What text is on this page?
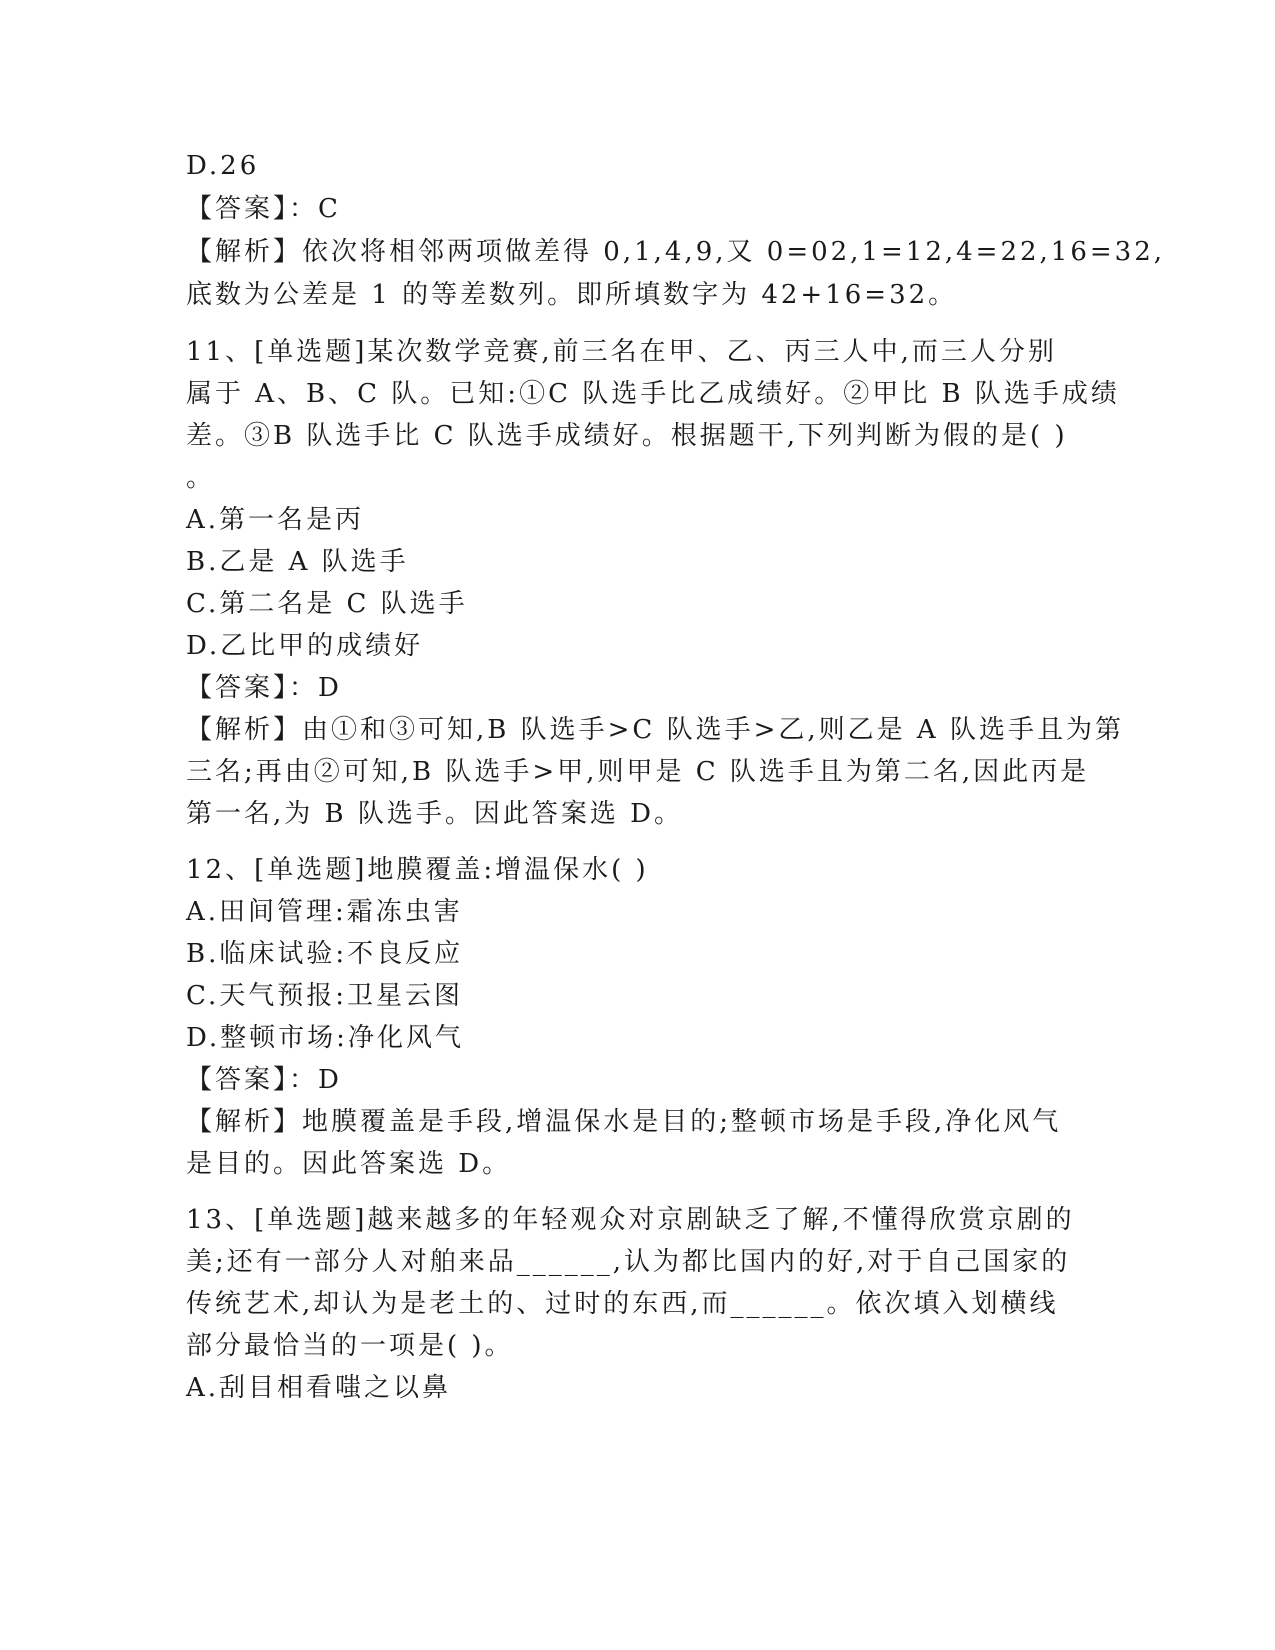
D.26
【答案】：C
【解析】依次将相邻两项做差得 0,1,4,9,又 0=02,1=12,4=22,16=32,
底数为公差是 1 的等差数列。即所填数字为 42+16=32。
11、[单选题]某次数学竞赛,前三名在甲、乙、丙三人中,而三人分别
属于 A、B、C 队。已知:①C 队选手比乙成绩好。②甲比 B 队选手成绩
差。③B 队选手比 C 队选手成绩好。根据题干,下列判断为假的是( )
。
A.第一名是丙
B.乙是 A 队选手
C.第二名是 C 队选手
D.乙比甲的成绩好
【答案】：D
【解析】由①和③可知,B 队选手>C 队选手>乙,则乙是 A 队选手且为第
三名;再由②可知,B 队选手>甲,则甲是 C 队选手且为第二名,因此丙是
第一名,为 B 队选手。因此答案选 D。
12、[单选题]地膜覆盖:增温保水( )
A.田间管理:霜冻虫害
B.临床试验:不良反应
C.天气预报:卫星云图
D.整顿市场:净化风气
【答案】：D
【解析】地膜覆盖是手段,增温保水是目的;整顿市场是手段,净化风气
是目的。因此答案选 D。
13、[单选题]越来越多的年轻观众对京剧缺乏了解,不懂得欣赏京剧的
美;还有一部分人对舶来品______,认为都比国内的好,对于自己国家的
传统艺术,却认为是老土的、过时的东西,而______。依次填入划横线
部分最恰当的一项是( )。
A.刮目相看嗤之以鼻
